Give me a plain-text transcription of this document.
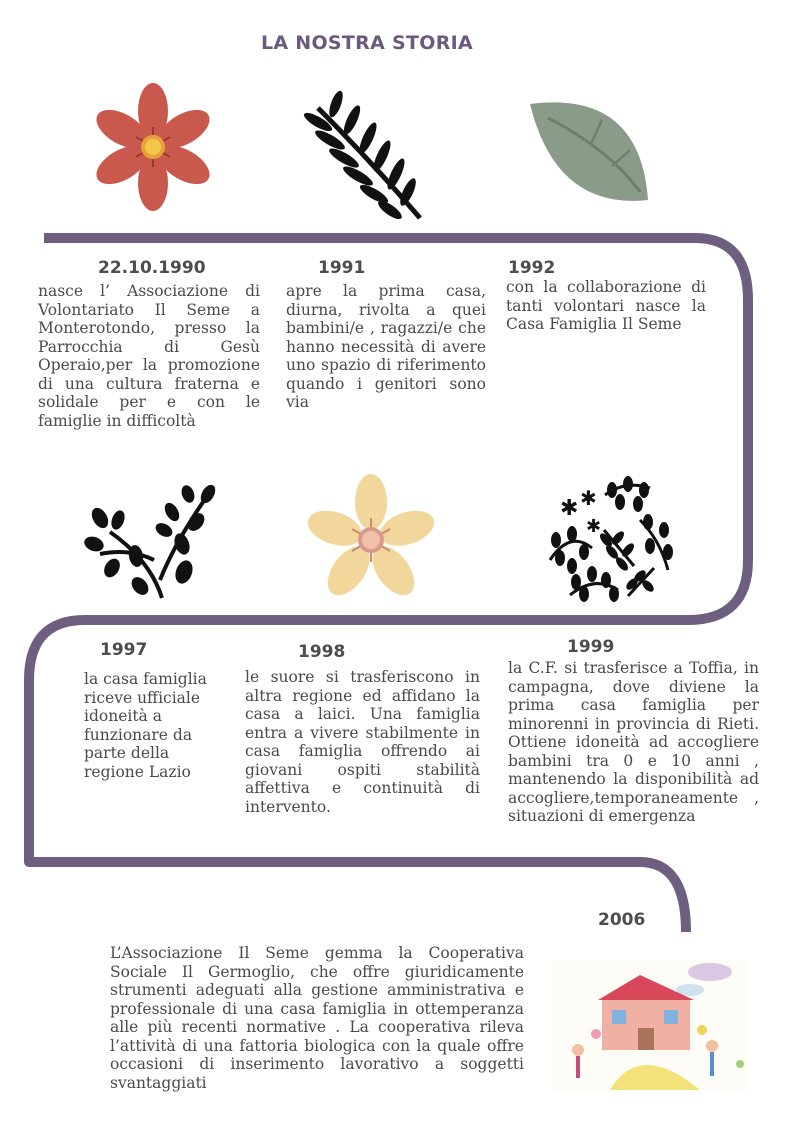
✱ ✱
✱
LA NOSTRA STORIA
22.10.1990
nasce l’ Associazione di Volontariato Il Seme a Monterotondo, presso la Parrocchia di Gesù Operaio,per la promozione di una cultura fraterna e solidale per e con le famiglie in difficoltà
1991
apre la prima casa, diurna, rivolta a quei bambini/e , ragazzi/e che hanno necessità di avere uno spazio di riferimento quando i genitori sono via
1992
con la collaborazione di tanti volontari nasce la Casa Famiglia Il Seme
1997
la casa famiglia riceve ufficiale idoneità a funzionare da parte della regione Lazio
1998
le suore si trasferiscono in altra regione ed affidano la casa a laici. Una famiglia entra a vivere stabilmente in casa famiglia offrendo ai giovani ospiti stabilità affettiva e continuità di intervento.
1999
la C.F. si trasferisce a Toffia, in campagna, dove diviene la prima casa famiglia per minorenni in provincia di Rieti. Ottiene idoneità ad accogliere bambini tra 0 e 10 anni , mantenendo la disponibilità ad accogliere,temporaneamente , situazioni di emergenza
2006
L’Associazione Il Seme gemma la Cooperativa Sociale Il Germoglio, che offre giuridicamente strumenti adeguati alla gestione amministrativa e professionale di una casa famiglia in ottemperanza alle più recenti normative . La cooperativa rileva l’attività di una fattoria biologica con la quale offre occasioni di inserimento lavorativo a soggetti svantaggiati
